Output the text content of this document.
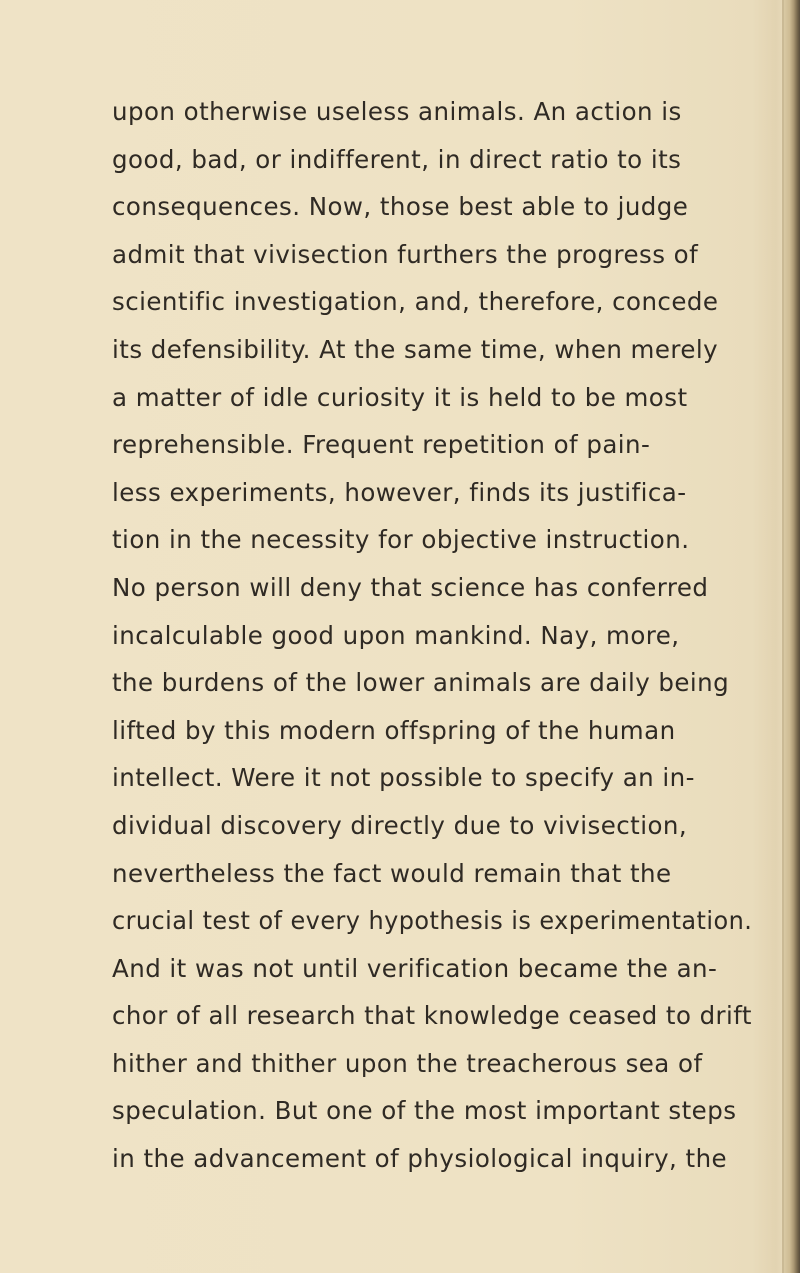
upon otherwise useless animals. An action is
good, bad, or indifferent, in direct ratio to its
consequences. Now, those best able to judge
admit that vivisection furthers the progress of
scientific investigation, and, therefore, concede
its defensibility. At the same time, when merely
a matter of idle curiosity it is held to be most
reprehensible. Frequent repetition of pain-
less experiments, however, finds its justifica-
tion in the necessity for objective instruction.
No person will deny that science has conferred
incalculable good upon mankind. Nay, more,
the burdens of the lower animals are daily being
lifted by this modern offspring of the human
intellect. Were it not possible to specify an in-
dividual discovery directly due to vivisection,
nevertheless the fact would remain that the
crucial test of every hypothesis is experimentation.
And it was not until verification became the an-
chor of all research that knowledge ceased to drift
hither and thither upon the treacherous sea of
speculation. But one of the most important steps
in the advancement of physiological inquiry, the
